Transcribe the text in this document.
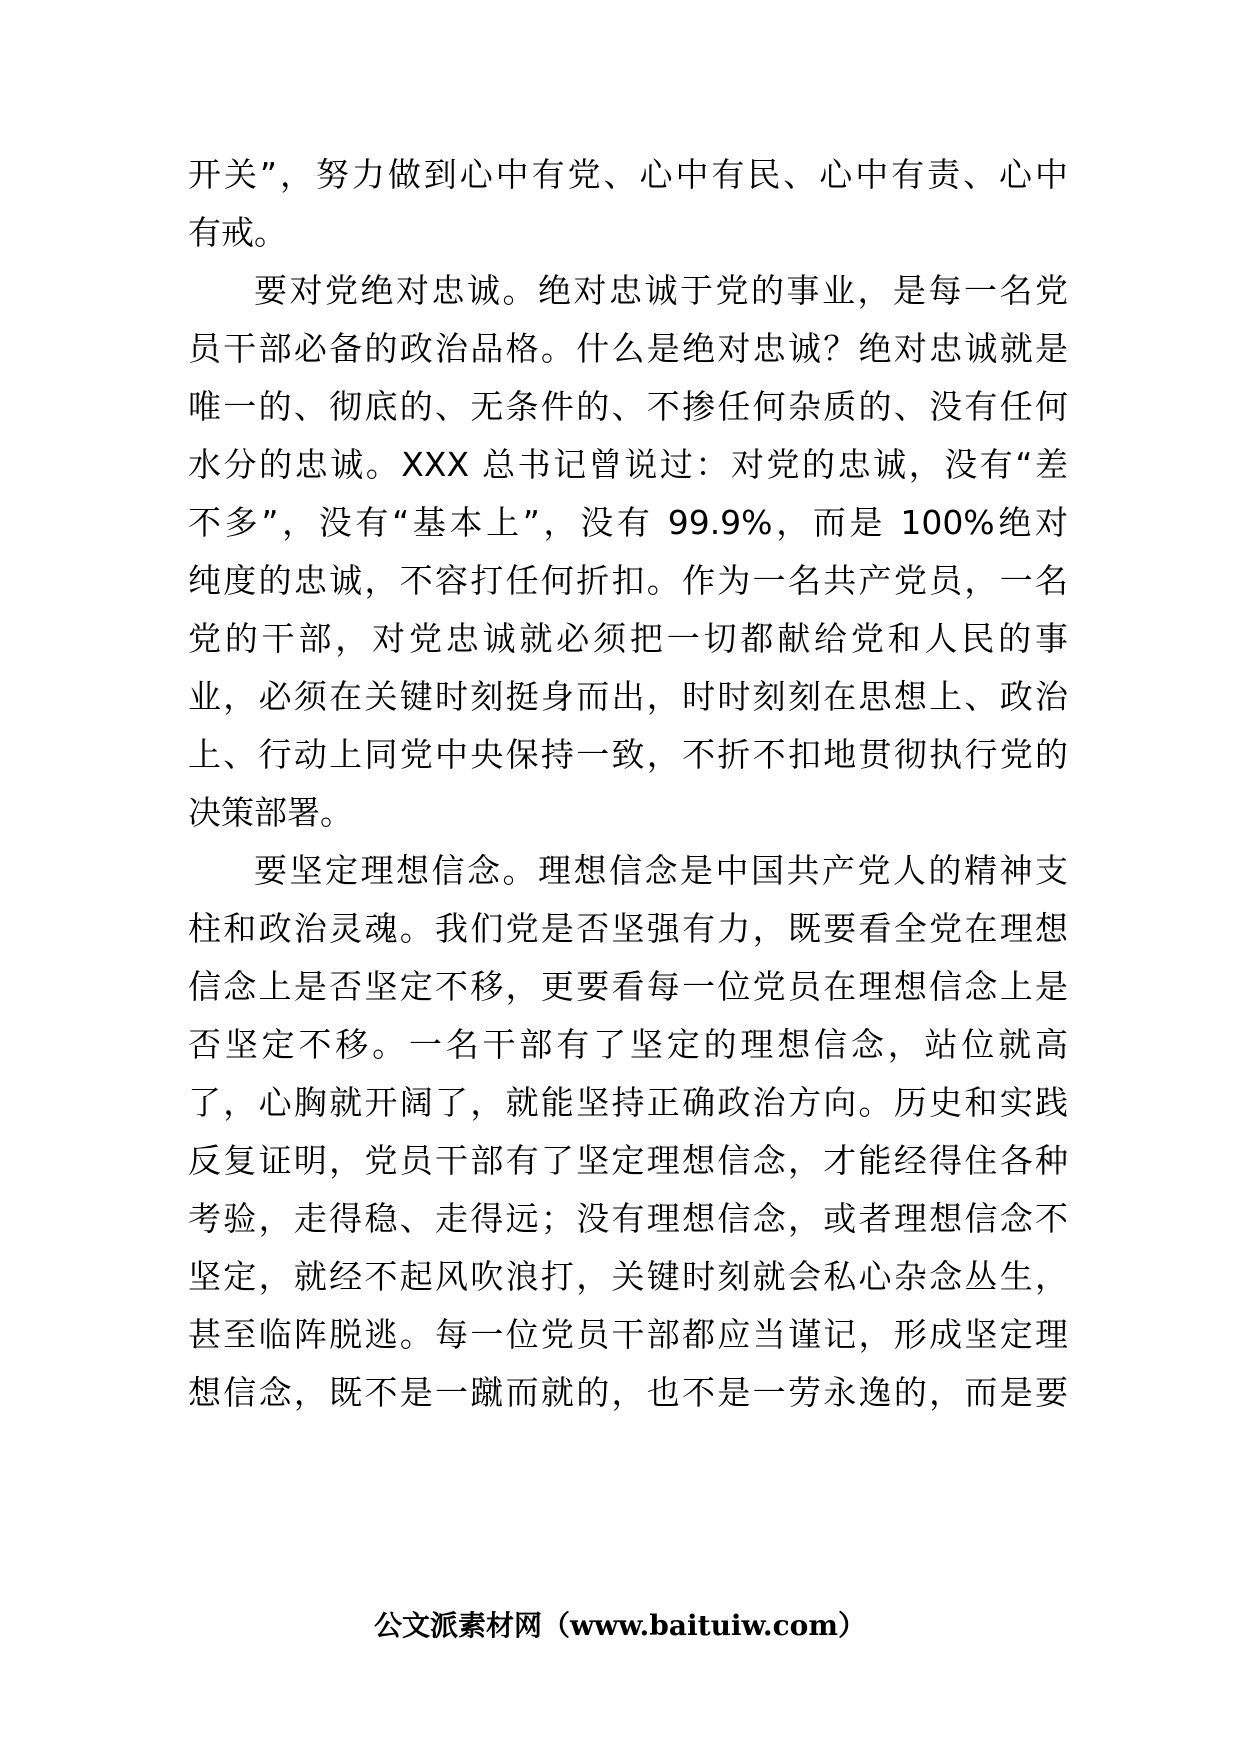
开关”，努力做到心中有党、心中有民、心中有责、心中
有戒。
要对党绝对忠诚。绝对忠诚于党的事业，是每一名党
员干部必备的政治品格。什么是绝对忠诚？绝对忠诚就是
唯一的、彻底的、无条件的、不掺任何杂质的、没有任何
水分的忠诚。XXX 总书记曾说过：对党的忠诚，没有“差
不多”，没有“基本上”，没有 99.9%，而是 100%绝对
纯度的忠诚，不容打任何折扣。作为一名共产党员，一名
党的干部，对党忠诚就必须把一切都献给党和人民的事
业，必须在关键时刻挺身而出，时时刻刻在思想上、政治
上、行动上同党中央保持一致，不折不扣地贯彻执行党的
决策部署。
要坚定理想信念。理想信念是中国共产党人的精神支
柱和政治灵魂。我们党是否坚强有力，既要看全党在理想
信念上是否坚定不移，更要看每一位党员在理想信念上是
否坚定不移。一名干部有了坚定的理想信念，站位就高
了，心胸就开阔了，就能坚持正确政治方向。历史和实践
反复证明，党员干部有了坚定理想信念，才能经得住各种
考验，走得稳、走得远；没有理想信念，或者理想信念不
坚定，就经不起风吹浪打，关键时刻就会私心杂念丛生，
甚至临阵脱逃。每一位党员干部都应当谨记，形成坚定理
想信念，既不是一蹴而就的，也不是一劳永逸的，而是要
公文派素材网（www.baituiw.com）
